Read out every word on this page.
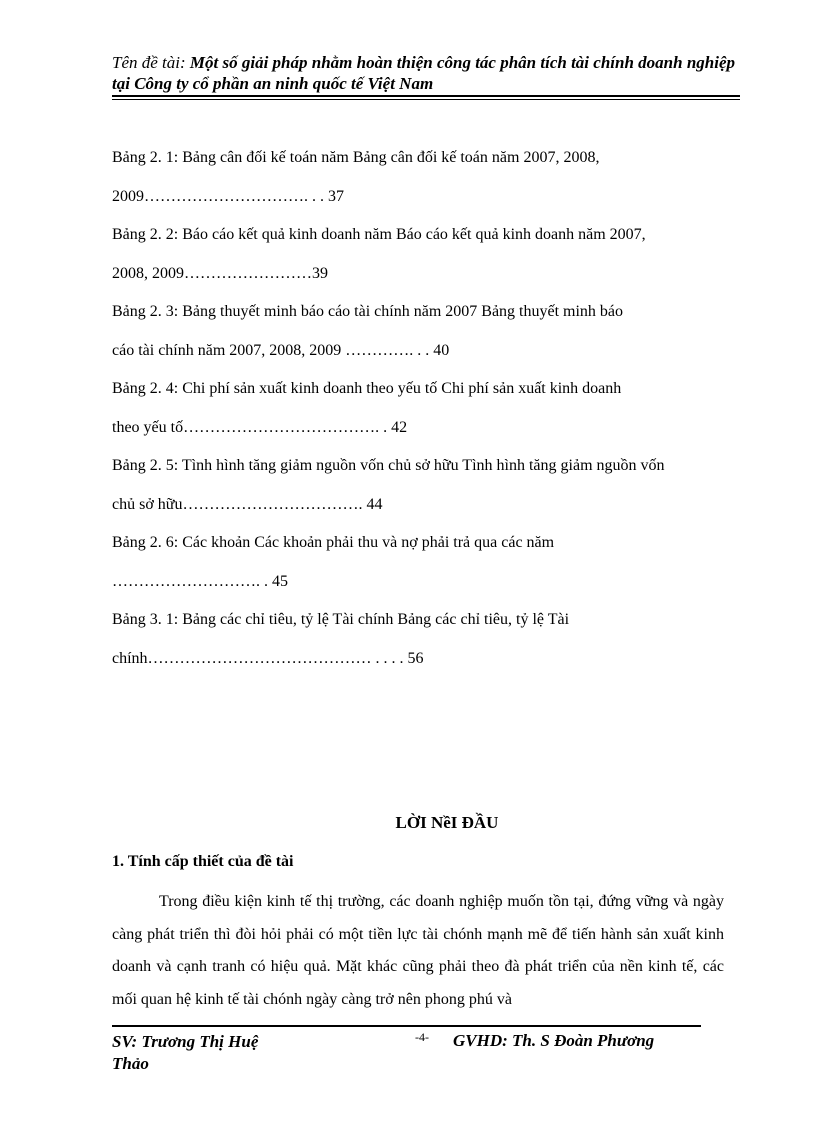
Tên đề tài: Một số giải pháp nhằm hoàn thiện công tác phân tích tài chính doanh nghiệp tại Công ty cổ phần an ninh quốc tế Việt Nam
Bảng 2. 1: Bảng cân đối kế toán năm Bảng cân đối kế toán năm 2007, 2008,
2009…………………………. . . 37
Bảng 2. 2: Báo cáo kết quả kinh doanh năm Báo cáo kết quả kinh doanh năm 2007,
2008, 2009……………………39
Bảng 2. 3: Bảng thuyết minh báo cáo tài chính năm 2007 Bảng thuyết minh báo
cáo tài chính năm 2007, 2008, 2009 …………. . . 40
Bảng 2. 4: Chi phí sản xuất kinh doanh theo yếu tố Chi phí sản xuất kinh doanh
theo yếu tố………………………………. . 42
Bảng 2. 5: Tình hình tăng giảm nguồn vốn chủ sở hữu Tình hình tăng giảm nguồn vốn
chủ sở hữu……………………………. 44
Bảng 2. 6: Các khoản Các khoản phải thu và nợ phải trả qua các năm
………………………. . 45
Bảng 3. 1: Bảng các chỉ tiêu, tỷ lệ Tài chính Bảng các chỉ tiêu, tỷ lệ Tài
chính…………………………………… . . . . 56
LỜI NềI ĐẦU
1. Tính cấp thiết của đề tài

Trong điều kiện kinh tế thị trường, các doanh nghiệp muốn tồn tại, đứng vững và ngày càng phát triển thì đòi hỏi phải có một tiền lực tài chónh mạnh mẽ để tiến hành sản xuất kinh doanh và cạnh tranh có hiệu quả. Mặt khác cũng phải theo đà phát triển của nền kinh tế, các mối quan hệ kinh tế tài chónh ngày càng trở nên phong phú và

SV: Trương Thị Huệ Thảo
-4- GVHD: Th. S Đoàn Phương
